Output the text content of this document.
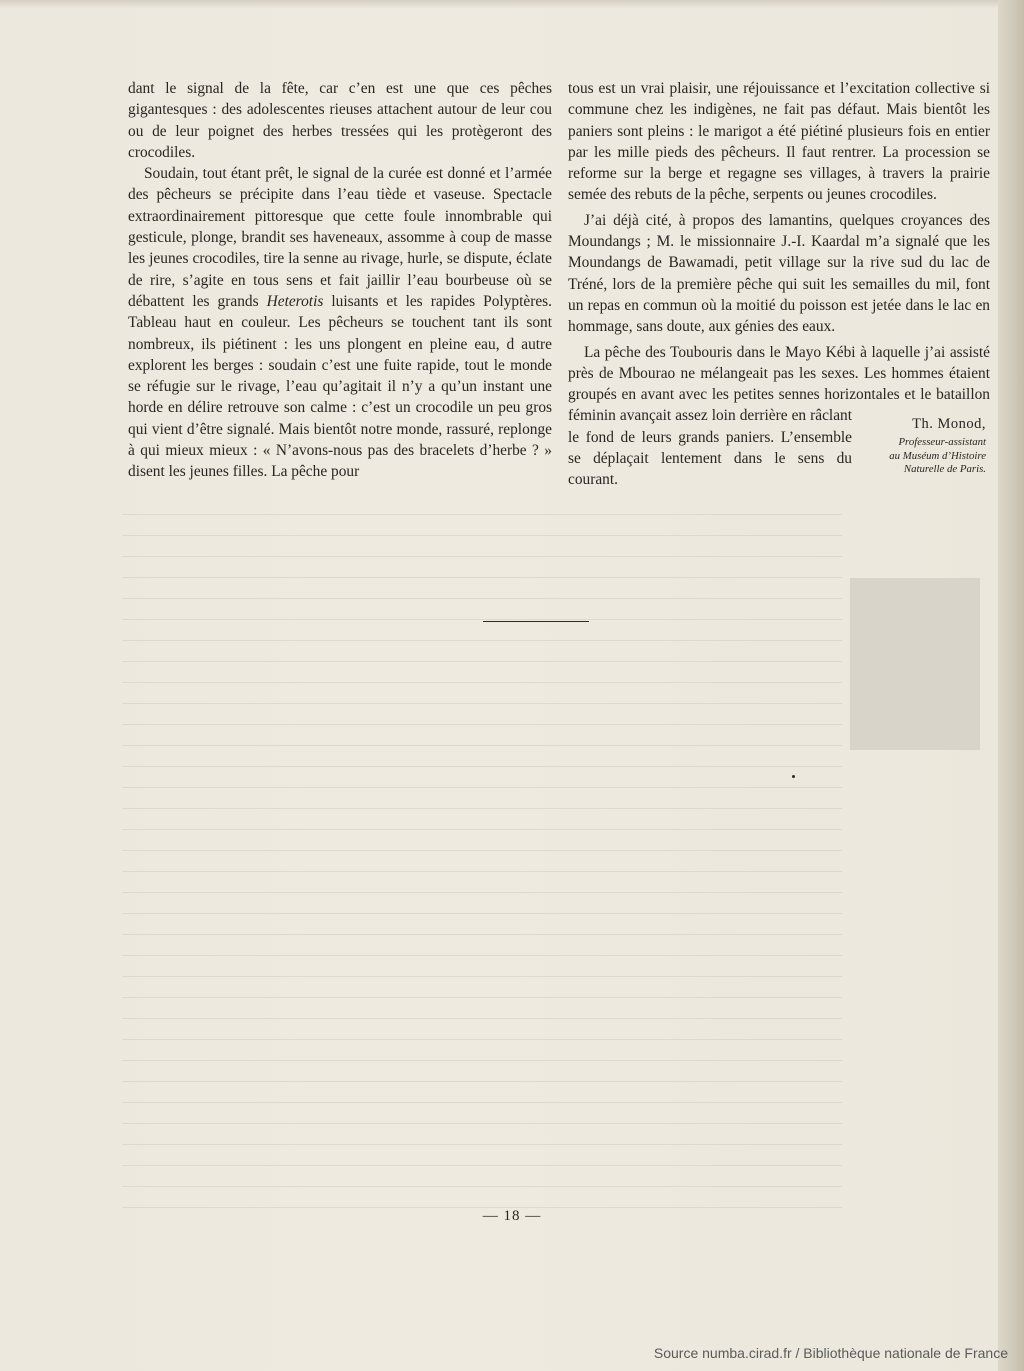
dant le signal de la fête, car c’en est une que ces pêches gigantesques : des adolescentes rieuses attachent autour de leur cou ou de leur poignet des herbes tressées qui les protègeront des crocodiles.

Soudain, tout étant prêt, le signal de la curée est donné et l’armée des pêcheurs se précipite dans l’eau tiède et vaseuse. Spectacle extraordinairement pittoresque que cette foule innombrable qui gesticule, plonge, brandit ses haveneaux, assomme à coup de masse les jeunes crocodiles, tire la senne au rivage, hurle, se dispute, éclate de rire, s’agite en tous sens et fait jaillir l’eau bourbeuse où se débattent les grands Heterotis luisants et les rapides Polyptères. Tableau haut en couleur. Les pêcheurs se touchent tant ils sont nombreux, ils piétinent : les uns plongent en pleine eau, d autre explorent les berges : soudain c’est une fuite rapide, tout le monde se réfugie sur le rivage, l’eau qu’agitait il n’y a qu’un instant une horde en délire retrouve son calme : c’est un crocodile un peu gros qui vient d’être signalé. Mais bientôt notre monde, rassuré, replonge à qui mieux mieux : « N’avons-nous pas des bracelets d’herbe ? » disent les jeunes filles. La pêche pour

tous est un vrai plaisir, une réjouissance et l’excitation collective si commune chez les indigènes, ne fait pas défaut. Mais bientôt les paniers sont pleins : le marigot a été piétiné plusieurs fois en entier par les mille pieds des pêcheurs. Il faut rentrer. La procession se reforme sur la berge et regagne ses villages, à travers la prairie semée des rebuts de la pêche, serpents ou jeunes crocodiles.

J’ai déjà cité, à propos des lamantins, quelques croyances des Moundangs ; M. le missionnaire J.-I. Kaardal m’a signalé que les Moundangs de Bawamadi, petit village sur la rive sud du lac de Tréné, lors de la première pêche qui suit les semailles du mil, font un repas en commun où la moitié du poisson est jetée dans le lac en hommage, sans doute, aux génies des eaux.

La pêche des Toubouris dans le Mayo Kébi à laquelle j’ai assisté près de Mbourao ne mélangeait pas les sexes. Les hommes étaient groupés en avant avec les petites sennes horizontales et le bataillon féminin avançait assez loin derrière en râclant le fond de leurs grands paniers. L’ensemble se déplaçait lentement dans le sens du courant.

Th. Monod,
Professeur-assistant
au Muséum d’Histoire
Naturelle de Paris.
— 18 —
Source numba.cirad.fr / Bibliothèque nationale de France
